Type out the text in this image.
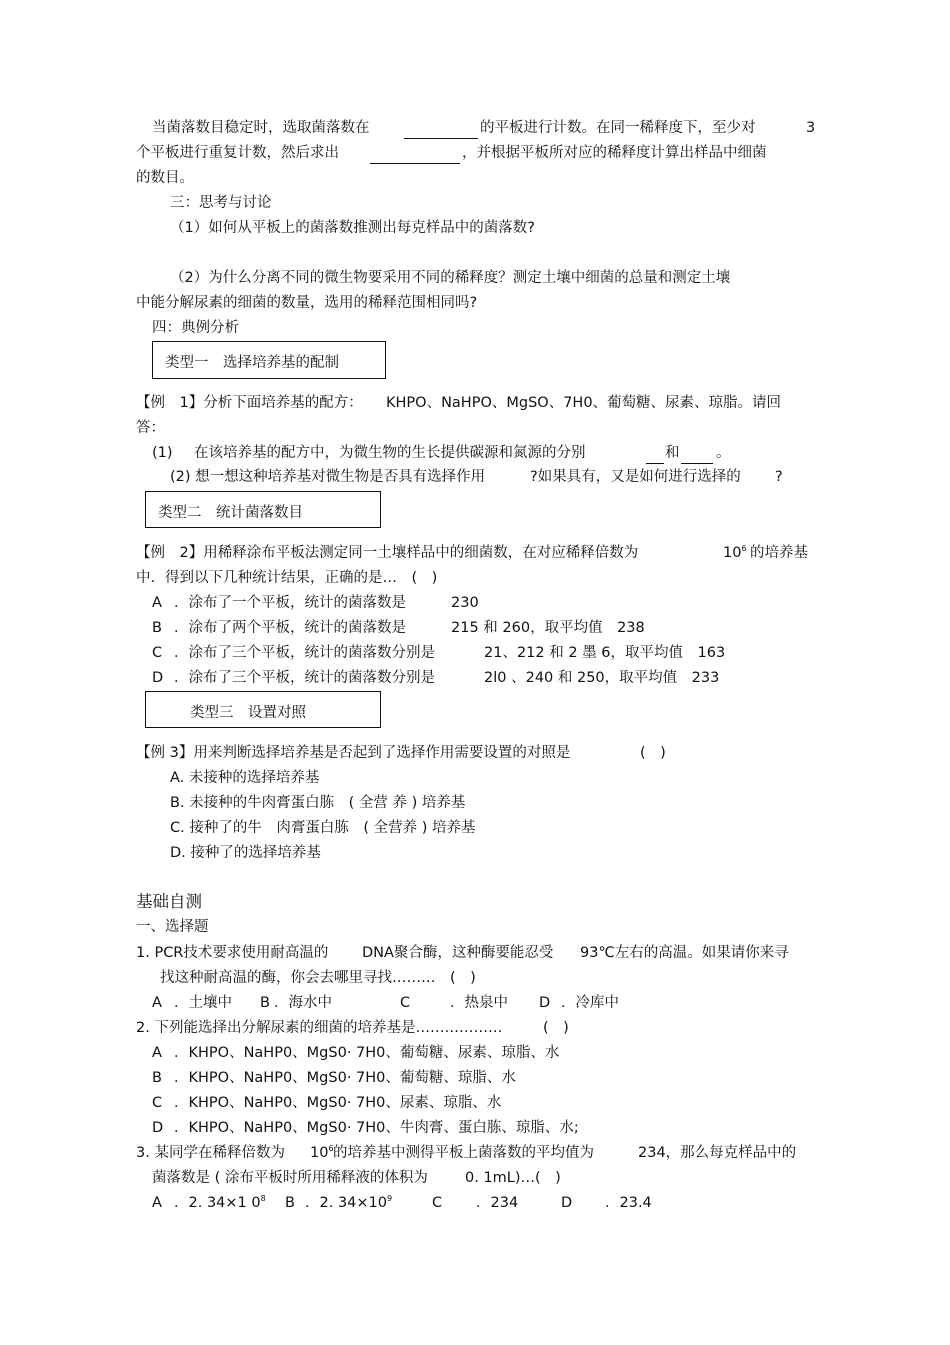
当菌落数目稳定时，选取菌落数在	的平板进行计数。在同一稀释度下，至少对	3
个平板进行重复计数，然后求出	，并根据平板所对应的稀释度计算出样品中细菌
的数目。
三：思考与讨论
（1）如何从平板上的菌落数推测出每克样品中的菌落数?
（2）为什么分离不同的微生物要采用不同的稀释度？测定土壤中细菌的总量和测定土壤
中能分解尿素的细菌的数量，选用的稀释范围相同吗?
四：典例分析
类型一　选择培养基的配制
【例　1】分析下面培养基的配方： KHPO、NaHPO、MgSO、7H0、葡萄糖、尿素、琼脂。请回
答：
(1) 在该培养基的配方中，为微生物的生长提供碳源和氮源的分别	和	。
(2) 想一想这种培养基对微生物是否具有选择作用	?如果具有，又是如何进行选择的 ?
类型二　统计菌落数目
【例　2】用稀释涂布平板法测定同一土壤样品中的细菌数，在对应稀释倍数为	$10^6$ 的培养基
中．得到以下几种统计结果，正确的是…　(　)
A ．涂布了一个平板，统计的菌落数是	230
B ．涂布了两个平板，统计的菌落数是	215 和 260，取平均值　238
C ．涂布了三个平板，统计的菌落数分别是	21、212 和 2 墨 6，取平均值　163
D ．涂布了三个平板，统计的菌落数分别是	2l0 、240 和 250，取平均值　233
类型三　设置对照
【例 3】用来判断选择培养基是否起到了选择作用需要设置的对照是	(　)
A. 未接种的选择培养基
B. 未接种的牛肉膏蛋白胨　( 全营 养 ) 培养基
C. 接种了的牛　肉膏蛋白胨　( 全营养 ) 培养基
D. 接种了的选择培养基
基础自测
一、选择题
1. PCR技术要求使用耐高温的 DNA聚合酶，这种酶要能忍受 93℃左右的高温。如果请你来寻
找这种耐高温的酶，你会去哪里寻找………　(　)
A ．土壤中 B ．海水中	C	．热泉中 D ．冷库中
2. 下列能选择出分解尿素的细菌的培养基是………………	(　)
A ．KHPO、NaHP0、MgS0· 7H0、葡萄糖、尿素、琼脂、水
B ．KHPO、NaHP0、MgS0· 7H0、葡萄糖、琼脂、水
C ．KHPO、NaHP0、MgS0· 7H0、尿素、琼脂、水
D ．KHPO、NaHP0、MgS0· 7H0、牛肉膏、蛋白胨、琼脂、水;
3. 某同学在稀释倍数为 $10^6$ 的培养基中测得平板上菌落数的平均值为	234，那么每克样品中的
菌落数是 ( 涂布平板时所用稀释液的体积为	0. 1mL)…(　)
A ．2. 34×1 $0^8$ B ．2. $34\times 10^9$	C ．234	D ．23.4
